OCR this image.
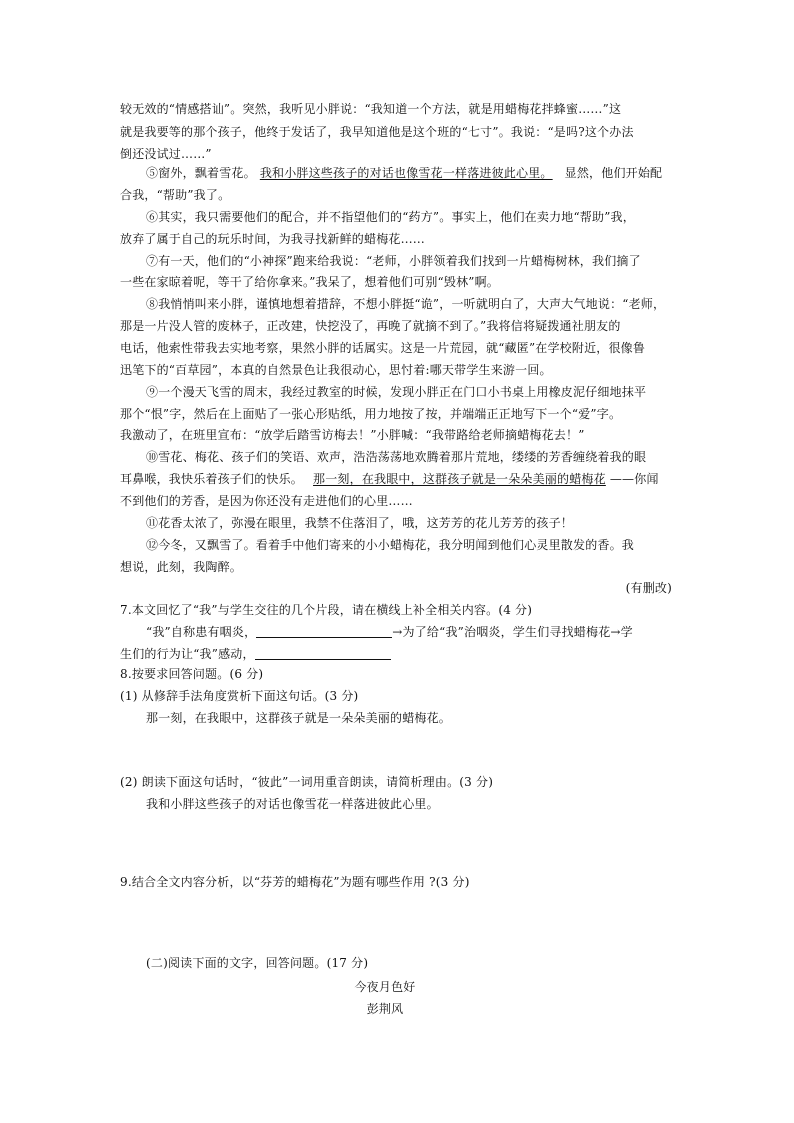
较无效的“情感搭讪”。突然，我听见小胖说：“我知道一个方法，就是用蜡梅花拌蜂蜜……”这
就是我要等的那个孩子，他终于发话了，我早知道他是这个班的“七寸”。我说：“是吗?这个办法
倒还没试过……”
⑤窗外，飘着雪花。 我和小胖这些孩子的对话也像雪花一样落进彼此心里。 显然，他们开始配
合我，“帮助”我了。
⑥其实，我只需要他们的配合，并不指望他们的“药方”。事实上，他们在卖力地“帮助”我，
放弃了属于自己的玩乐时间，为我寻找新鲜的蜡梅花……
⑦有一天，他们的“小神探”跑来给我说：“老师，小胖领着我们找到一片蜡梅树林，我们摘了
一些在家晾着呢，等干了给你拿来。”我呆了，想着他们可别“毁林”啊。
⑧我悄悄叫来小胖，谨慎地想着措辞，不想小胖挺“诡”，一听就明白了，大声大气地说：“老师，
那是一片没人管的废林子，正改建，快挖没了，再晚了就摘不到了。”我将信将疑拨通社朋友的
电话，他索性带我去实地考察，果然小胖的话属实。这是一片荒园，就“藏匿”在学校附近，很像鲁
迅笔下的“百草园”，本真的自然景色让我很动心，思忖着:哪天带学生来游一回。
⑨一个漫天飞雪的周末，我经过教室的时候，发现小胖正在门口小书桌上用橡皮泥仔细地抹平
那个“恨”字，然后在上面贴了一张心形贴纸，用力地按了按，并端端正正地写下一个“爱”字。
我激动了，在班里宣布：“放学后踏雪访梅去！”小胖喊：“我带路给老师摘蜡梅花去！”
⑩雪花、梅花、孩子们的笑语、欢声，浩浩荡荡地欢腾着那片荒地，缕缕的芳香缠绕着我的眼
耳鼻喉，我快乐着孩子们的快乐。 那一刻，在我眼中，这群孩子就是一朵朵美丽的蜡梅花 ——你闻
不到他们的芳香，是因为你还没有走进他们的心里……
⑪花香太浓了，弥漫在眼里，我禁不住落泪了，哦，这芳芳的花儿芳芳的孩子！
⑫今冬，又飘雪了。看着手中他们寄来的小小蜡梅花，我分明闻到他们心灵里散发的香。我
想说，此刻，我陶醉。
(有删改)
7.本文回忆了“我”与学生交往的几个片段，请在横线上补全相关内容。(4 分)
“我”自称患有咽炎，	→为了给“我”治咽炎，学生们寻找蜡梅花→学
生们的行为让“我”感动，
8.按要求回答问题。(6 分)
(1) 从修辞手法角度赏析下面这句话。(3 分)
那一刻，在我眼中，这群孩子就是一朵朵美丽的蜡梅花。
(2) 朗读下面这句话时，“彼此”一词用重音朗读，请简析理由。(3 分)
我和小胖这些孩子的对话也像雪花一样落进彼此心里。
9.结合全文内容分析，以“芬芳的蜡梅花”为题有哪些作用 ?(3 分)
(二)阅读下面的文字，回答问题。(17 分)
今夜月色好
彭荆风
